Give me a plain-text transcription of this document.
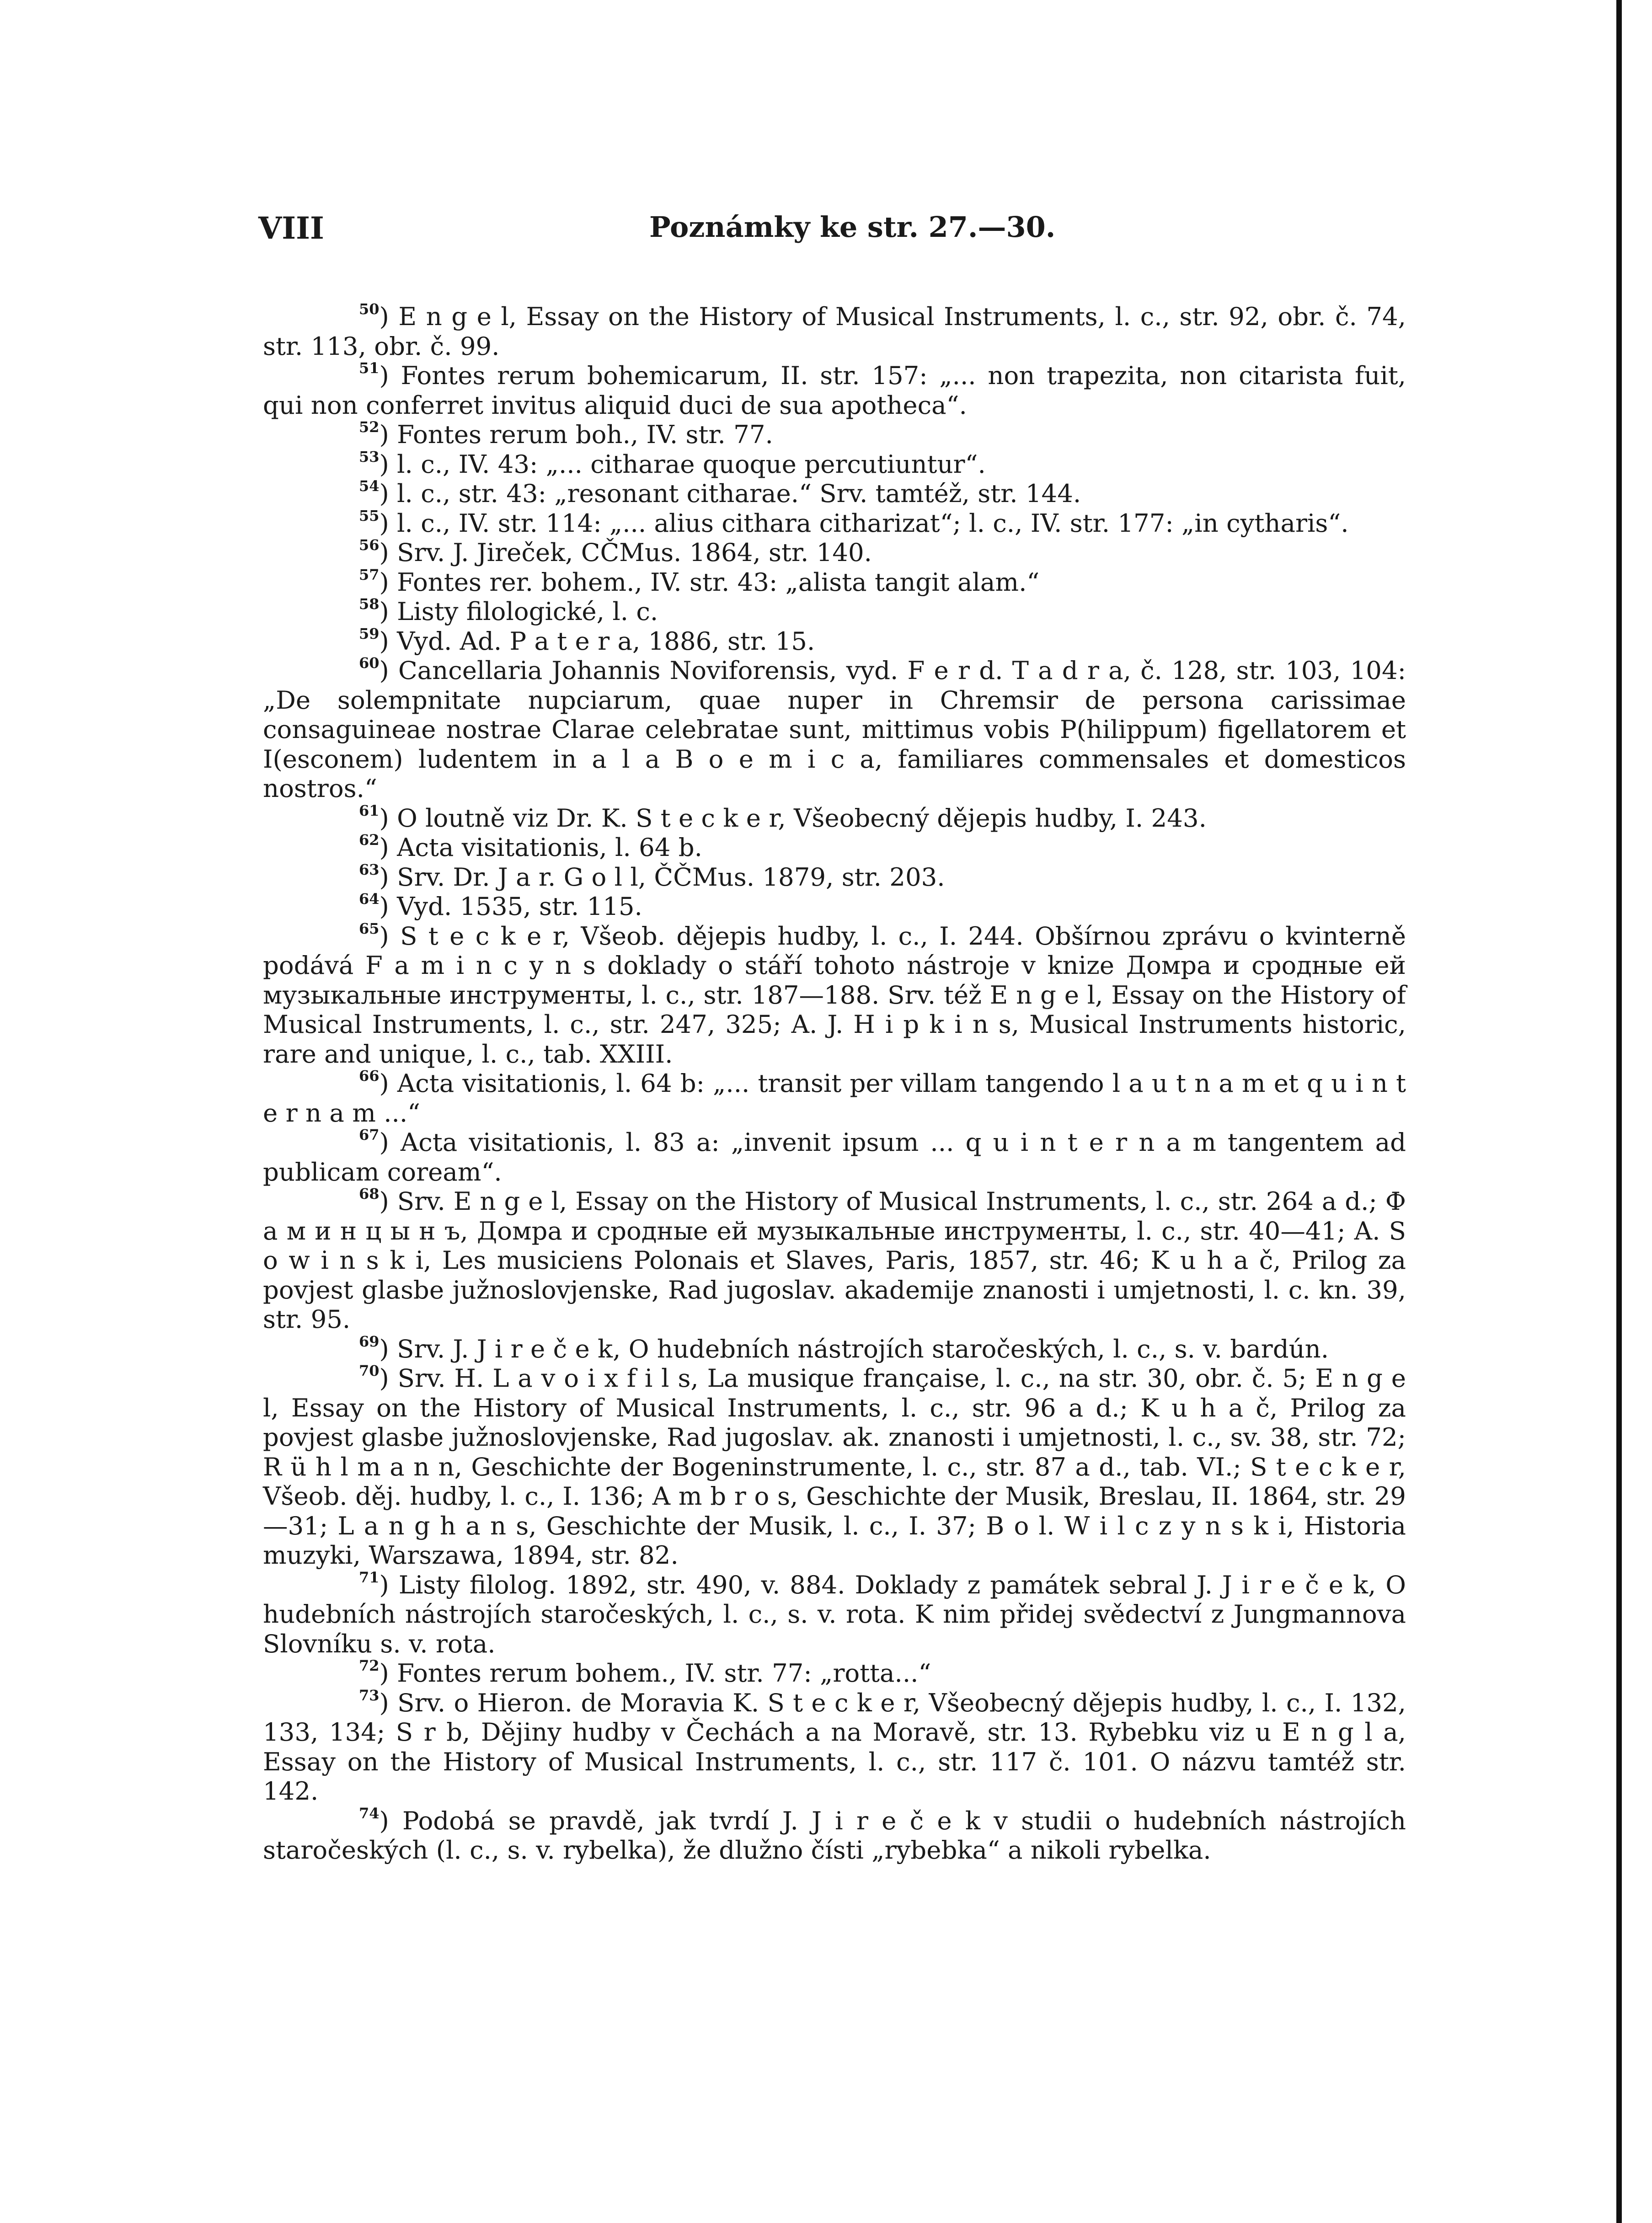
VIII	Poznámky ke str. 27.—30.

$^{50}$) E n g e l, Essay on the History of Musical Instruments, l. c., str. 92, obr. č. 74, str. 113, obr. č. 99.

$^{51}$) Fontes rerum bohemicarum, II. str. 157: „... non trapezita, non citarista fuit, qui non conferret invitus aliquid duci de sua apotheca“.

$^{52}$) Fontes rerum boh., IV. str. 77.

$^{53}$) l. c., IV. 43: „... citharae quoque percutiuntur“.

$^{54}$) l. c., str. 43: „resonant citharae.“ Srv. tamtéž, str. 144.

$^{55}$) l. c., IV. str. 114: „... alius cithara citharizat“; l. c., IV. str. 177: „in cytharis“.

$^{56}$) Srv. J. Jireček, CČMus. 1864, str. 140.

$^{57}$) Fontes rer. bohem., IV. str. 43: „alista tangit alam.“

$^{58}$) Listy filologické, l. c.

$^{59}$) Vyd. Ad. P a t e r a, 1886, str. 15.

$^{60}$) Cancellaria Johannis Noviforensis, vyd. F e r d. T a d r a, č. 128, str. 103, 104: „De solempnitate nupciarum, quae nuper in Chremsir de persona carissimae consaguineae nostrae Clarae celebratae sunt, mittimus vobis P(hilippum) figellatorem et I(esconem) ludentem in a l a B o e m i c a, familiares commensales et domesticos nostros.“

$^{61}$) O loutně viz Dr. K. S t e c k e r, Všeobecný dějepis hudby, I. 243.

$^{62}$) Acta visitationis, l. 64 b.

$^{63}$) Srv. Dr. J a r. G o l l, ČČMus. 1879, str. 203.

$^{64}$) Vyd. 1535, str. 115.

$^{65}$) S t e c k e r, Všeob. dějepis hudby, l. c., I. 244. Obšírnou zprávu o kvinterně podává F a m i n c y n s doklady o stáří tohoto nástroje v knize Домра и сродные ей музыкальные инструменты, l. c., str. 187—188. Srv. též E n g e l, Essay on the History of Musical Instruments, l. c., str. 247, 325; A. J. H i p k i n s, Musical Instruments historic, rare and unique, l. c., tab. XXIII.

$^{66}$) Acta visitationis, l. 64 b: „... transit per villam tangendo l a u t n a m et q u i n t e r n a m ...“

$^{67}$) Acta visitationis, l. 83 a: „invenit ipsum ... q u i n t e r n a m tangentem ad publicam coream“.

$^{68}$) Srv. E n g e l, Essay on the History of Musical Instruments, l. c., str. 264 a d.; Ф а м и н ц ы н ъ, Домра и сродные ей музыкальные инструменты, l. c., str. 40—41; A. S o w i n s k i, Les musiciens Polonais et Slaves, Paris, 1857, str. 46; K u h a č, Prilog za povjest glasbe južnoslovjenske, Rad jugoslav. akademije znanosti i umjetnosti, l. c. kn. 39, str. 95.

$^{69}$) Srv. J. J i r e č e k, O hudebních nástrojích staročeských, l. c., s. v. bardún.

$^{70}$) Srv. H. L a v o i x f i l s, La musique française, l. c., na str. 30, obr. č. 5; E n g e l, Essay on the History of Musical Instruments, l. c., str. 96 a d.; K u h a č, Prilog za povjest glasbe južnoslovjenske, Rad jugoslav. ak. znanosti i umjetnosti, l. c., sv. 38, str. 72; R ü h l m a n n, Geschichte der Bogeninstrumente, l. c., str. 87 a d., tab. VI.; S t e c k e r, Všeob. děj. hudby, l. c., I. 136; A m b r o s, Geschichte der Musik, Breslau, II. 1864, str. 29—31; L a n g h a n s, Geschichte der Musik, l. c., I. 37; B o l. W i l c z y n s k i, Historia muzyki, Warszawa, 1894, str. 82.

$^{71}$) Listy filolog. 1892, str. 490, v. 884. Doklady z památek sebral J. J i r e č e k, O hudebních nástrojích staročeských, l. c., s. v. rota. K nim přidej svědectví z Jungmannova Slovníku s. v. rota.

$^{72}$) Fontes rerum bohem., IV. str. 77: „rotta...“

$^{73}$) Srv. o Hieron. de Moravia K. S t e c k e r, Všeobecný dějepis hudby, l. c., I. 132, 133, 134; S r b, Dějiny hudby v Čechách a na Moravě, str. 13. Rybebku viz u E n g l a, Essay on the History of Musical Instruments, l. c., str. 117 č. 101. O názvu tamtéž str. 142.

$^{74}$) Podobá se pravdě, jak tvrdí J. J i r e č e k v studii o hudebních nástrojích staročeských (l. c., s. v. rybelka), že dlužno čísti „rybebka“ a nikoli rybelka.
